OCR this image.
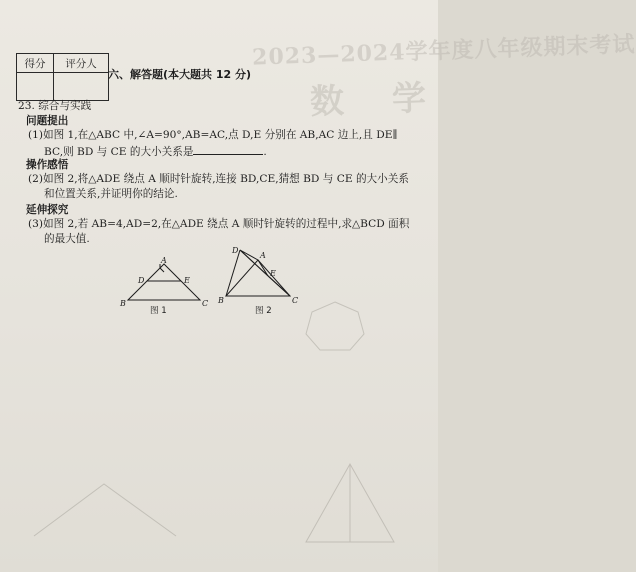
2023—2024学年度八年级期末考试
数 学
得分	评分人

六、解答题(本大题共 12 分)
23. 综合与实践
问题提出
(1)如图 1,在△ABC 中,∠A=90°,AB=AC,点 D,E 分别在 AB,AC 边上,且 DE∥
BC,则 BD 与 CE 的大小关系是	.
操作感悟
(2)如图 2,将△ADE 绕点 A 顺时针旋转,连接 BD,CE,猜想 BD 与 CE 的大小关系
和位置关系,并证明你的结论.
延伸探究
(3)如图 2,若 AB=4,AD=2,在△ADE 绕点 A 顺时针旋转的过程中,求△BCD 面积
的最大值.
A
D	E
B	C
图 1
A
D
E
B	C
图 2
